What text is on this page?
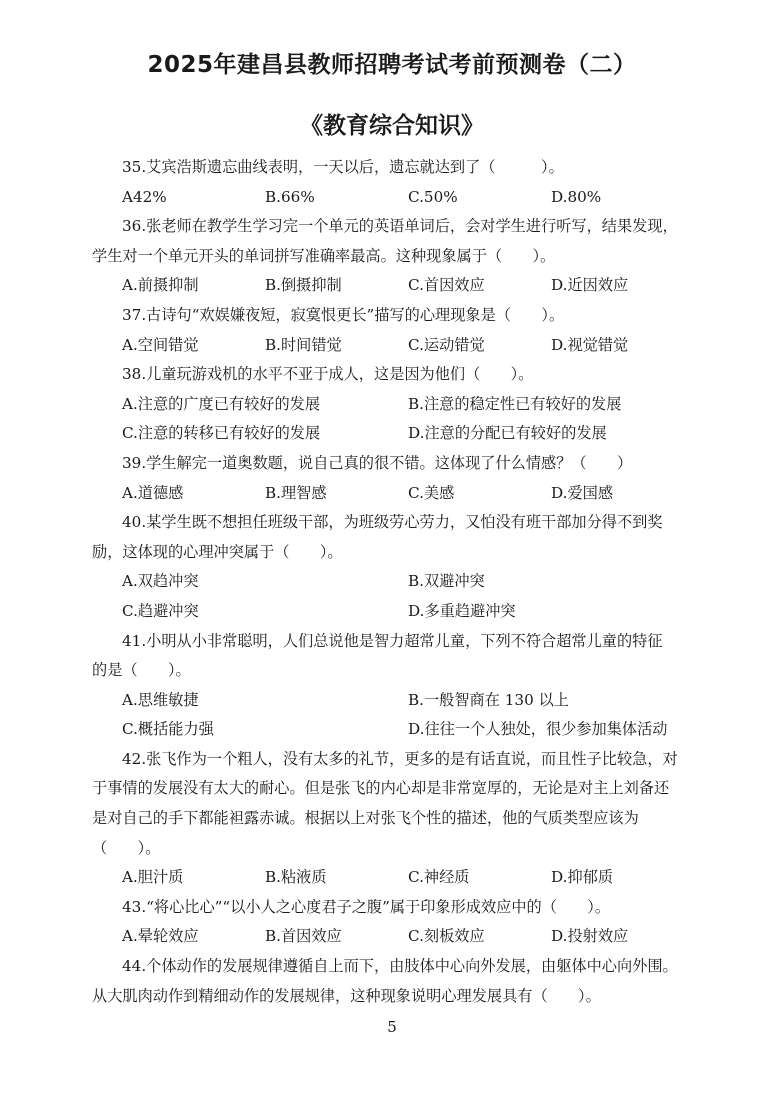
2025年建昌县教师招聘考试考前预测卷（二）
《教育综合知识》
35.艾宾浩斯遗忘曲线表明，一天以后，遗忘就达到了（　　　）。
A42%	B.66%	C.50%	D.80%
36.张老师在教学生学习完一个单元的英语单词后，会对学生进行听写，结果发现，
学生对一个单元开头的单词拼写准确率最高。这种现象属于（　　）。
A.前摄抑制	B.倒摄抑制	C.首因效应	D.近因效应
37.古诗句“欢娱嫌夜短，寂寞恨更长”描写的心理现象是（　　）。
A.空间错觉	B.时间错觉	C.运动错觉	D.视觉错觉
38.儿童玩游戏机的水平不亚于成人，这是因为他们（　　）。
A.注意的广度已有较好的发展	B.注意的稳定性已有较好的发展
C.注意的转移已有较好的发展	D.注意的分配已有较好的发展
39.学生解完一道奥数题，说自己真的很不错。这体现了什么情感？（　　）
A.道德感	B.理智感	C.美感	D.爱国感
40.某学生既不想担任班级干部，为班级劳心劳力，又怕没有班干部加分得不到奖
励，这体现的心理冲突属于（　　）。
A.双趋冲突	B.双避冲突
C.趋避冲突	D.多重趋避冲突
41.小明从小非常聪明，人们总说他是智力超常儿童，下列不符合超常儿童的特征
的是（　　）。
A.思维敏捷	B.一般智商在 130 以上
C.概括能力强	D.往往一个人独处，很少参加集体活动
42.张飞作为一个粗人，没有太多的礼节，更多的是有话直说，而且性子比较急，对
于事情的发展没有太大的耐心。但是张飞的内心却是非常宽厚的，无论是对主上刘备还
是对自己的手下都能袒露赤诚。根据以上对张飞个性的描述，他的气质类型应该为
（　　）。
A.胆汁质	B.粘液质	C.神经质	D.抑郁质
43.“将心比心”“以小人之心度君子之腹”属于印象形成效应中的（　　）。
A.晕轮效应	B.首因效应	C.刻板效应	D.投射效应
44.个体动作的发展规律遵循自上而下，由肢体中心向外发展，由躯体中心向外围。
从大肌肉动作到精细动作的发展规律，这种现象说明心理发展具有（　　）。
5
